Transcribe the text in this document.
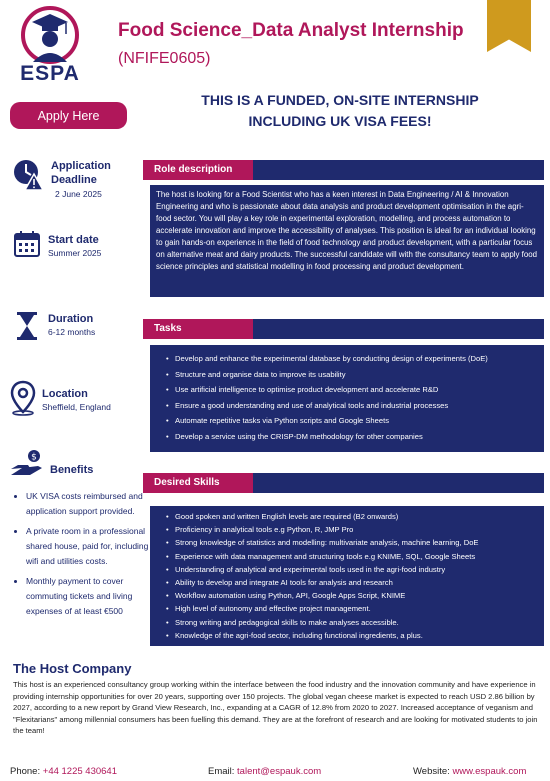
ESPA
Food Science_Data Analyst Internship
(NFIFE0605)
THIS IS A FUNDED, ON-SITE INTERNSHIP
INCLUDING UK VISA FEES!
Apply Here
Application
Deadline
2 June 2025
Start date
Summer 2025
Duration
6-12 months
Location
Sheffield, England
$
Benefits
• UK VISA costs reimbursed and application support provided.
• A private room in a professional shared house, paid for, including wifi and utilities costs.
• Monthly payment to cover commuting tickets and living expenses of at least €500
Role description
The host is looking for a Food Scientist who has a keen interest in Data Engineering / AI & Innovation Engineering and who is passionate about data analysis and product development optimisation in the agri-food sector. You will play a key role in experimental exploration, modelling, and process automation to accelerate innovation and improve the accessibility of analyses. This position is ideal for an individual looking to gain hands-on experience in the field of food technology and product development, with a particular focus on alternative meat and dairy products. The successful candidate will with the consultancy team to apply food science principles and statistical modelling in food processing and product development.
Tasks
• Develop and enhance the experimental database by conducting design of experiments (DoE)
• Structure and organise data to improve its usability
• Use artificial intelligence to optimise product development and accelerate R&D
• Ensure a good understanding and use of analytical tools and industrial processes
• Automate repetitive tasks via Python scripts and Google Sheets
• Develop a service using the CRISP-DM methodology for other companies
Desired Skills
• Good spoken and written English levels are required (B2 onwards)
• Proficiency in analytical tools e.g Python, R, JMP Pro
• Strong knowledge of statistics and modelling: multivariate analysis, machine learning, DoE
• Experience with data management and structuring tools e.g KNIME, SQL, Google Sheets
• Understanding of analytical and experimental tools used in the agri-food industry
• Ability to develop and integrate AI tools for analysis and research
• Workflow automation using Python, API, Google Apps Script, KNIME
• High level of autonomy and effective project management.
• Strong writing and pedagogical skills to make analyses accessible.
• Knowledge of the agri-food sector, including functional ingredients, a plus.
The Host Company
This host is an experienced consultancy group working within the interface between the food industry and the innovation community and have experience in providing internship opportunities for over 20 years, supporting over 150 projects. The global vegan cheese market is expected to reach USD 2.86 billion by 2027, according to a new report by Grand View Research, Inc., expanding at a CAGR of 12.8% from 2020 to 2027. Increased acceptance of veganism and "Flexitarians" among millennial consumers has been fuelling this demand. They are at the forefront of research and are looking for motivated students to join the team!
Phone: +44 1225 430641	Email: talent@espauk.com	Website: www.espauk.com
